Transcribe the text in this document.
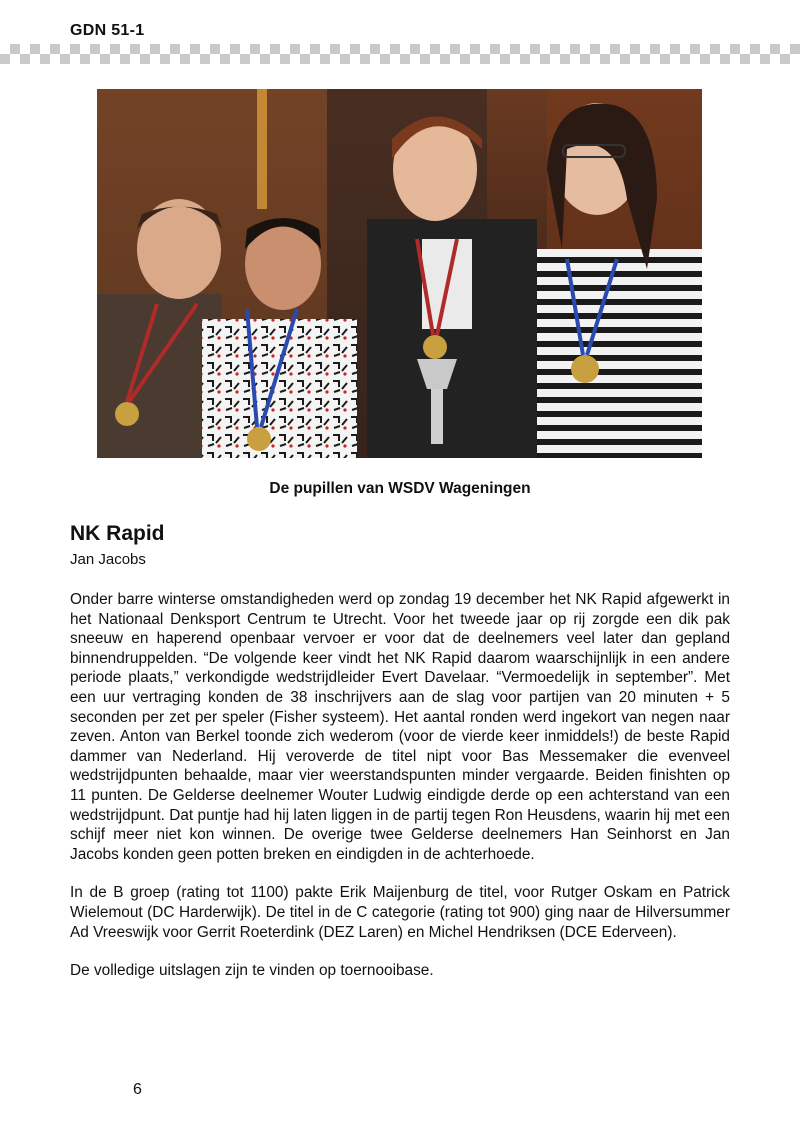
GDN 51-1
De pupillen van WSDV Wageningen
NK Rapid
Jan Jacobs

Onder barre winterse omstandigheden werd op zondag 19 december het NK Rapid afgewerkt in het Nationaal Denksport Centrum te Utrecht. Voor het tweede jaar op rij zorgde een dik pak sneeuw en haperend openbaar vervoer er voor dat de deelnemers veel later dan gepland binnendruppelden. “De volgende keer vindt het NK Rapid daarom waarschijnlijk in een andere periode plaats,” verkondigde wedstrijdleider Evert Davelaar. “Vermoedelijk in september”. Met een uur vertraging konden de 38 inschrijvers aan de slag voor partijen van 20 minuten + 5 seconden per zet per speler (Fisher systeem). Het aantal ronden werd ingekort van negen naar zeven. Anton van Berkel toonde zich wederom (voor de vierde keer inmiddels!) de beste Rapid dammer van Nederland. Hij veroverde de titel nipt voor Bas Messemaker die evenveel wedstrijdpunten behaalde, maar vier weerstandspunten minder vergaarde. Beiden finishten op 11 punten. De Gelderse deelnemer Wouter Ludwig eindigde derde op een achterstand van een wedstrijdpunt. Dat puntje had hij laten liggen in de partij tegen Ron Heusdens, waarin hij met een schijf meer niet kon winnen. De overige twee Gelderse deelnemers Han Seinhorst en Jan Jacobs konden geen potten breken en eindigden in de achterhoede.

In de B groep (rating tot 1100) pakte Erik Maijenburg de titel, voor Rutger Oskam en Patrick Wielemout (DC Harderwijk). De titel in de C categorie (rating tot 900) ging naar de Hilversummer Ad Vreeswijk voor Gerrit Roeterdink (DEZ Laren) en Michel Hendriksen (DCE Ederveen).

De volledige uitslagen zijn te vinden op toernooibase.

6
